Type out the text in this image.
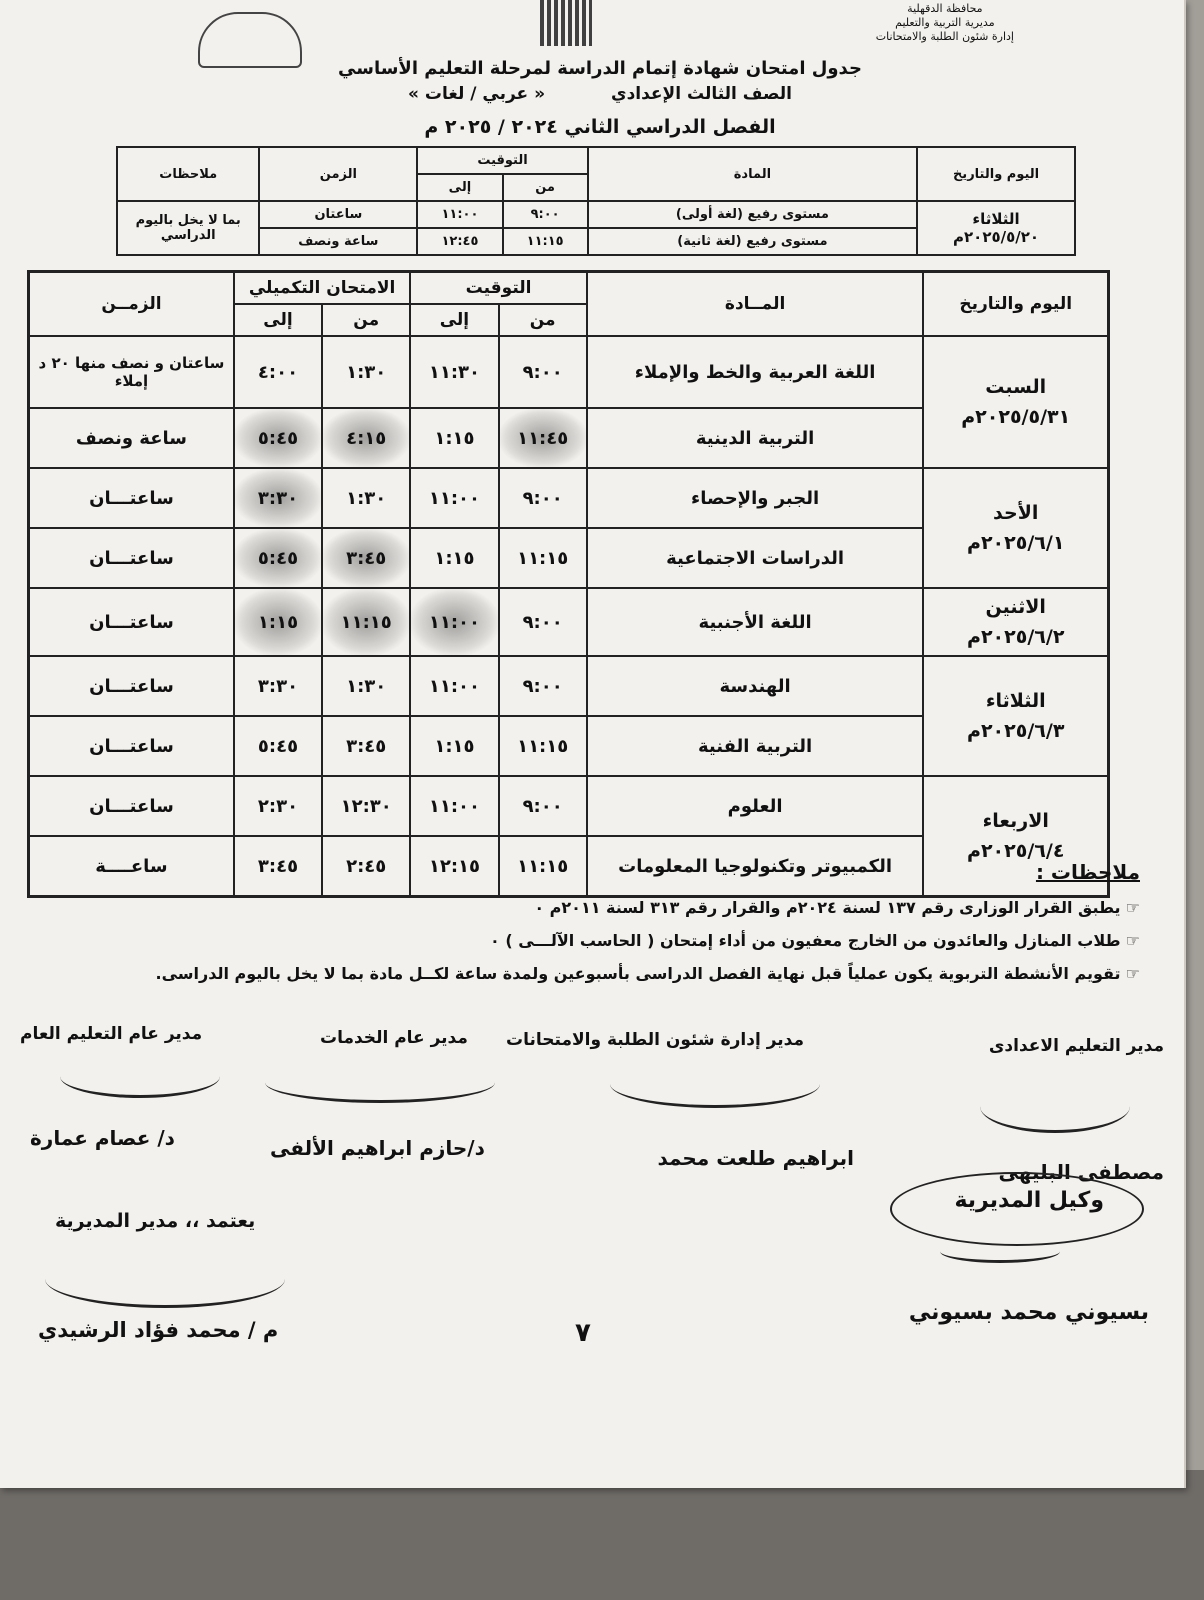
محافظة الدقهلية
مديرية التربية والتعليم
إدارة شئون الطلبة والامتحانات
جدول امتحان شهادة إتمام الدراسة لمرحلة التعليم الأساسي
الصف الثالث الإعدادي « عربي / لغات »
الفصل الدراسي الثاني ٢٠٢٤ / ٢٠٢٥ م
اليوم والتاريخ	المادة	التوقيت		الزمن	ملاحظات
		من	إلى		

الثلاثاء
٢٠٢٥/٥/٢٠م	مستوى رفيع (لغة أولى)	٩:٠٠	١١:٠٠	ساعتان	بما لا يخل باليوم الدراسي
	مستوى رفيع (لغة ثانية)	١١:١٥	١٢:٤٥	ساعة ونصف	
اليوم والتاريخ	المــادة	التوقيت		الامتحان التكميلي		الزمــن
		من	إلى	من	إلى	

السبت
٢٠٢٥/٥/٣١م	اللغة العربية والخط والإملاء	٩:٠٠	١١:٣٠	١:٣٠	٤:٠٠	ساعتان و نصف منها ٢٠ د إملاء
	التربية الدينية	١١:٤٥	١:١٥	٤:١٥	٥:٤٥	ساعة ونصف

الأحد
٢٠٢٥/٦/١م	الجبر والإحصاء	٩:٠٠	١١:٠٠	١:٣٠	٣:٣٠	ساعتـــان
	الدراسات الاجتماعية	١١:١٥	١:١٥	٣:٤٥	٥:٤٥	ساعتـــان

الاثنين
٢٠٢٥/٦/٢م	اللغة الأجنبية	٩:٠٠	١١:٠٠	١١:١٥	١:١٥	ساعتـــان

الثلاثاء
٢٠٢٥/٦/٣م	الهندسة	٩:٠٠	١١:٠٠	١:٣٠	٣:٣٠	ساعتـــان
	التربية الفنية	١١:١٥	١:١٥	٣:٤٥	٥:٤٥	ساعتـــان

الاربعاء
٢٠٢٥/٦/٤م	العلوم	٩:٠٠	١١:٠٠	١٢:٣٠	٢:٣٠	ساعتـــان
	الكمبيوتر وتكنولوجيا المعلومات	١١:١٥	١٢:١٥	٢:٤٥	٣:٤٥	ساعــــة	ملاحظات :
☞ يطبق القرار الوزارى رقم ١٣٧ لسنة ٢٠٢٤م والقرار رقم ٣١٣ لسنة ٢٠١١م ٠
☞ طلاب المنازل والعائدون من الخارج معفيون من أداء إمتحان ( الحاسب الآلـــى ) ٠
☞ تقويم الأنشطة التربوية يكون عملياً قبل نهاية الفصل الدراسى بأسبوعين ولمدة ساعة لكــل مادة بما لا يخل باليوم الدراسى.
مدير التعليم الاعدادى
مدير إدارة شئون الطلبة والامتحانات
مدير عام الخدمات
مدير عام التعليم العام
مصطفى البليهى
ابراهيم طلعت محمد
د/حازم ابراهيم الألفى
د/ عصام عمارة
وكيل المديرية
بسيوني محمد بسيوني
يعتمد ،، مدير المديرية
م / محمد فؤاد الرشيدي	٧
